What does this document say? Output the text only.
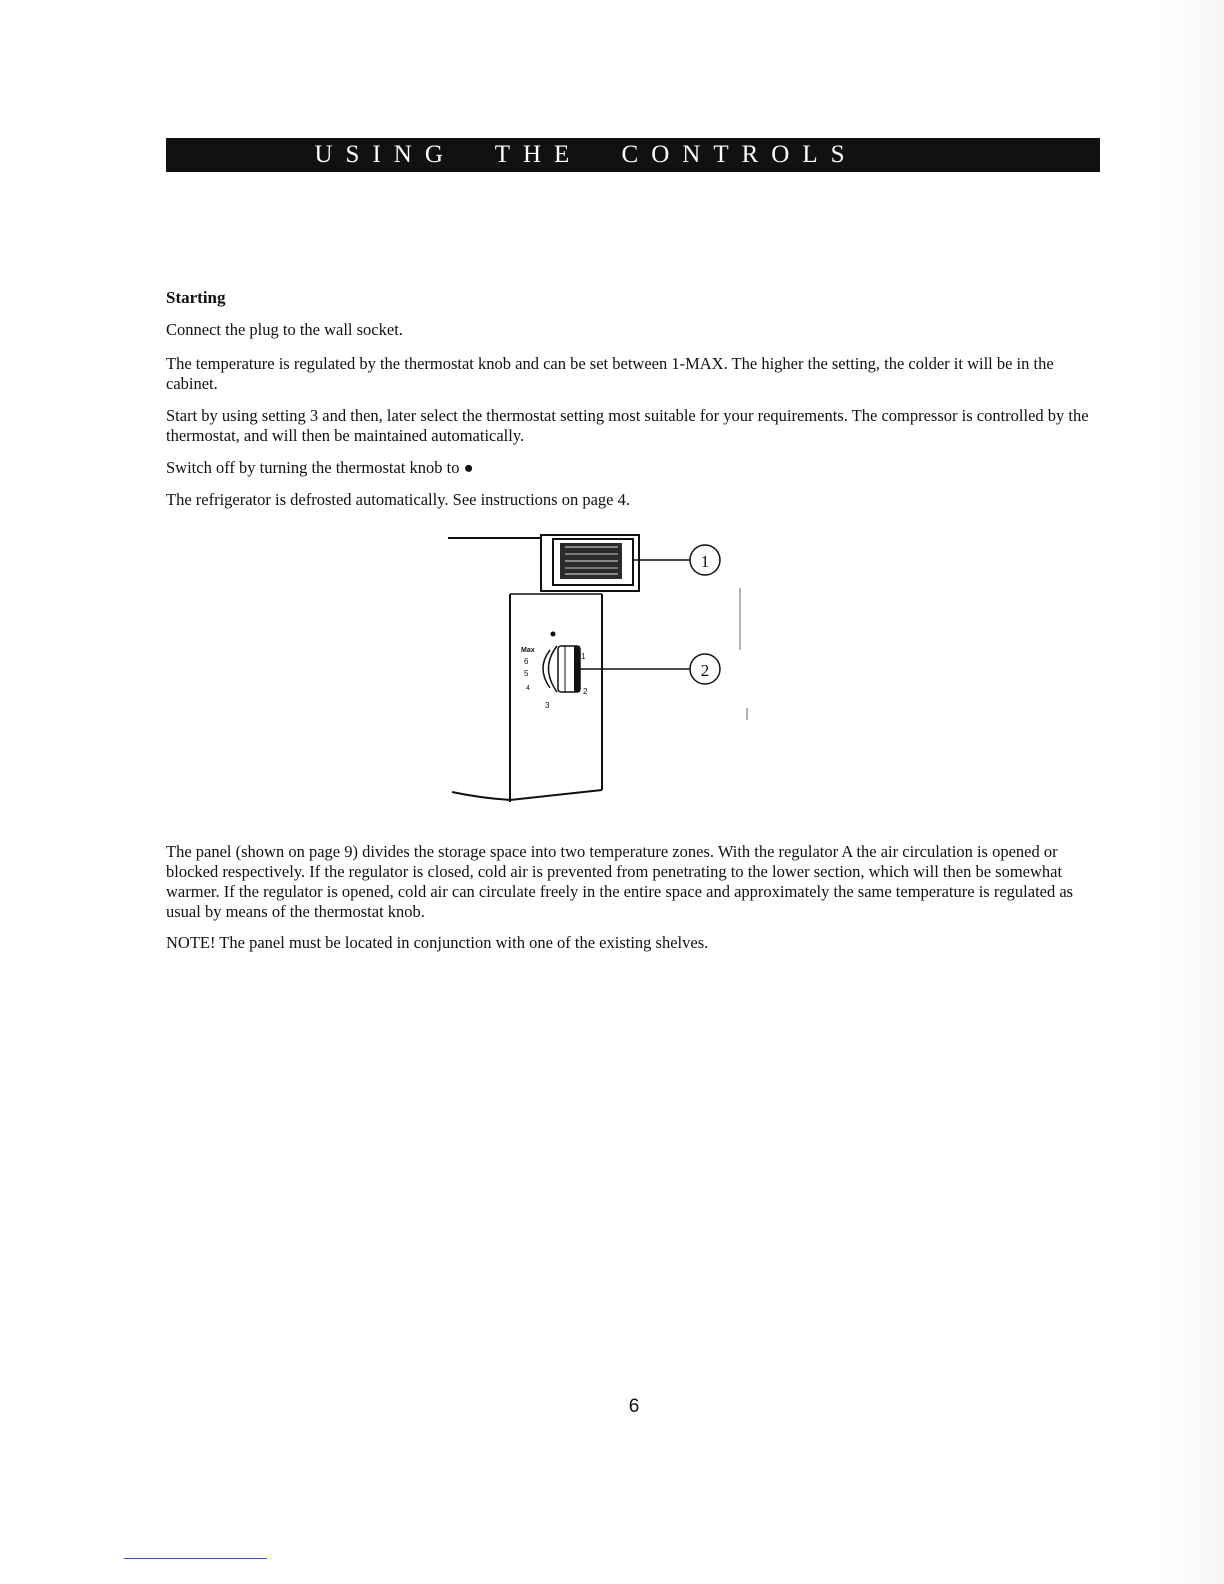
USING THE CONTROLS
Starting

Connect the plug to the wall socket.

The temperature is regulated by the thermostat knob and can be set between 1-MAX. The higher the setting, the colder it will be in the cabinet.

Start by using setting 3 and then, later select the thermostat setting most suitable for your requirements. The compressor is controlled by the thermostat, and will then be maintained automatically.

Switch off by turning the thermostat knob to ●

The refrigerator is defrosted automatically. See instructions on page 4.

1
Max
6
5
4
3
2
1
2

The panel (shown on page 9) divides the storage space into two temperature zones. With the regulator A the air circulation is opened or blocked respectively. If the regulator is closed, cold air is prevented from penetrating to the lower section, which will then be somewhat warmer. If the regulator is opened, cold air can circulate freely in the entire space and approximately the same temperature is regulated as usual by means of the thermostat knob.

NOTE! The panel must be located in conjunction with one of the existing shelves.

6
